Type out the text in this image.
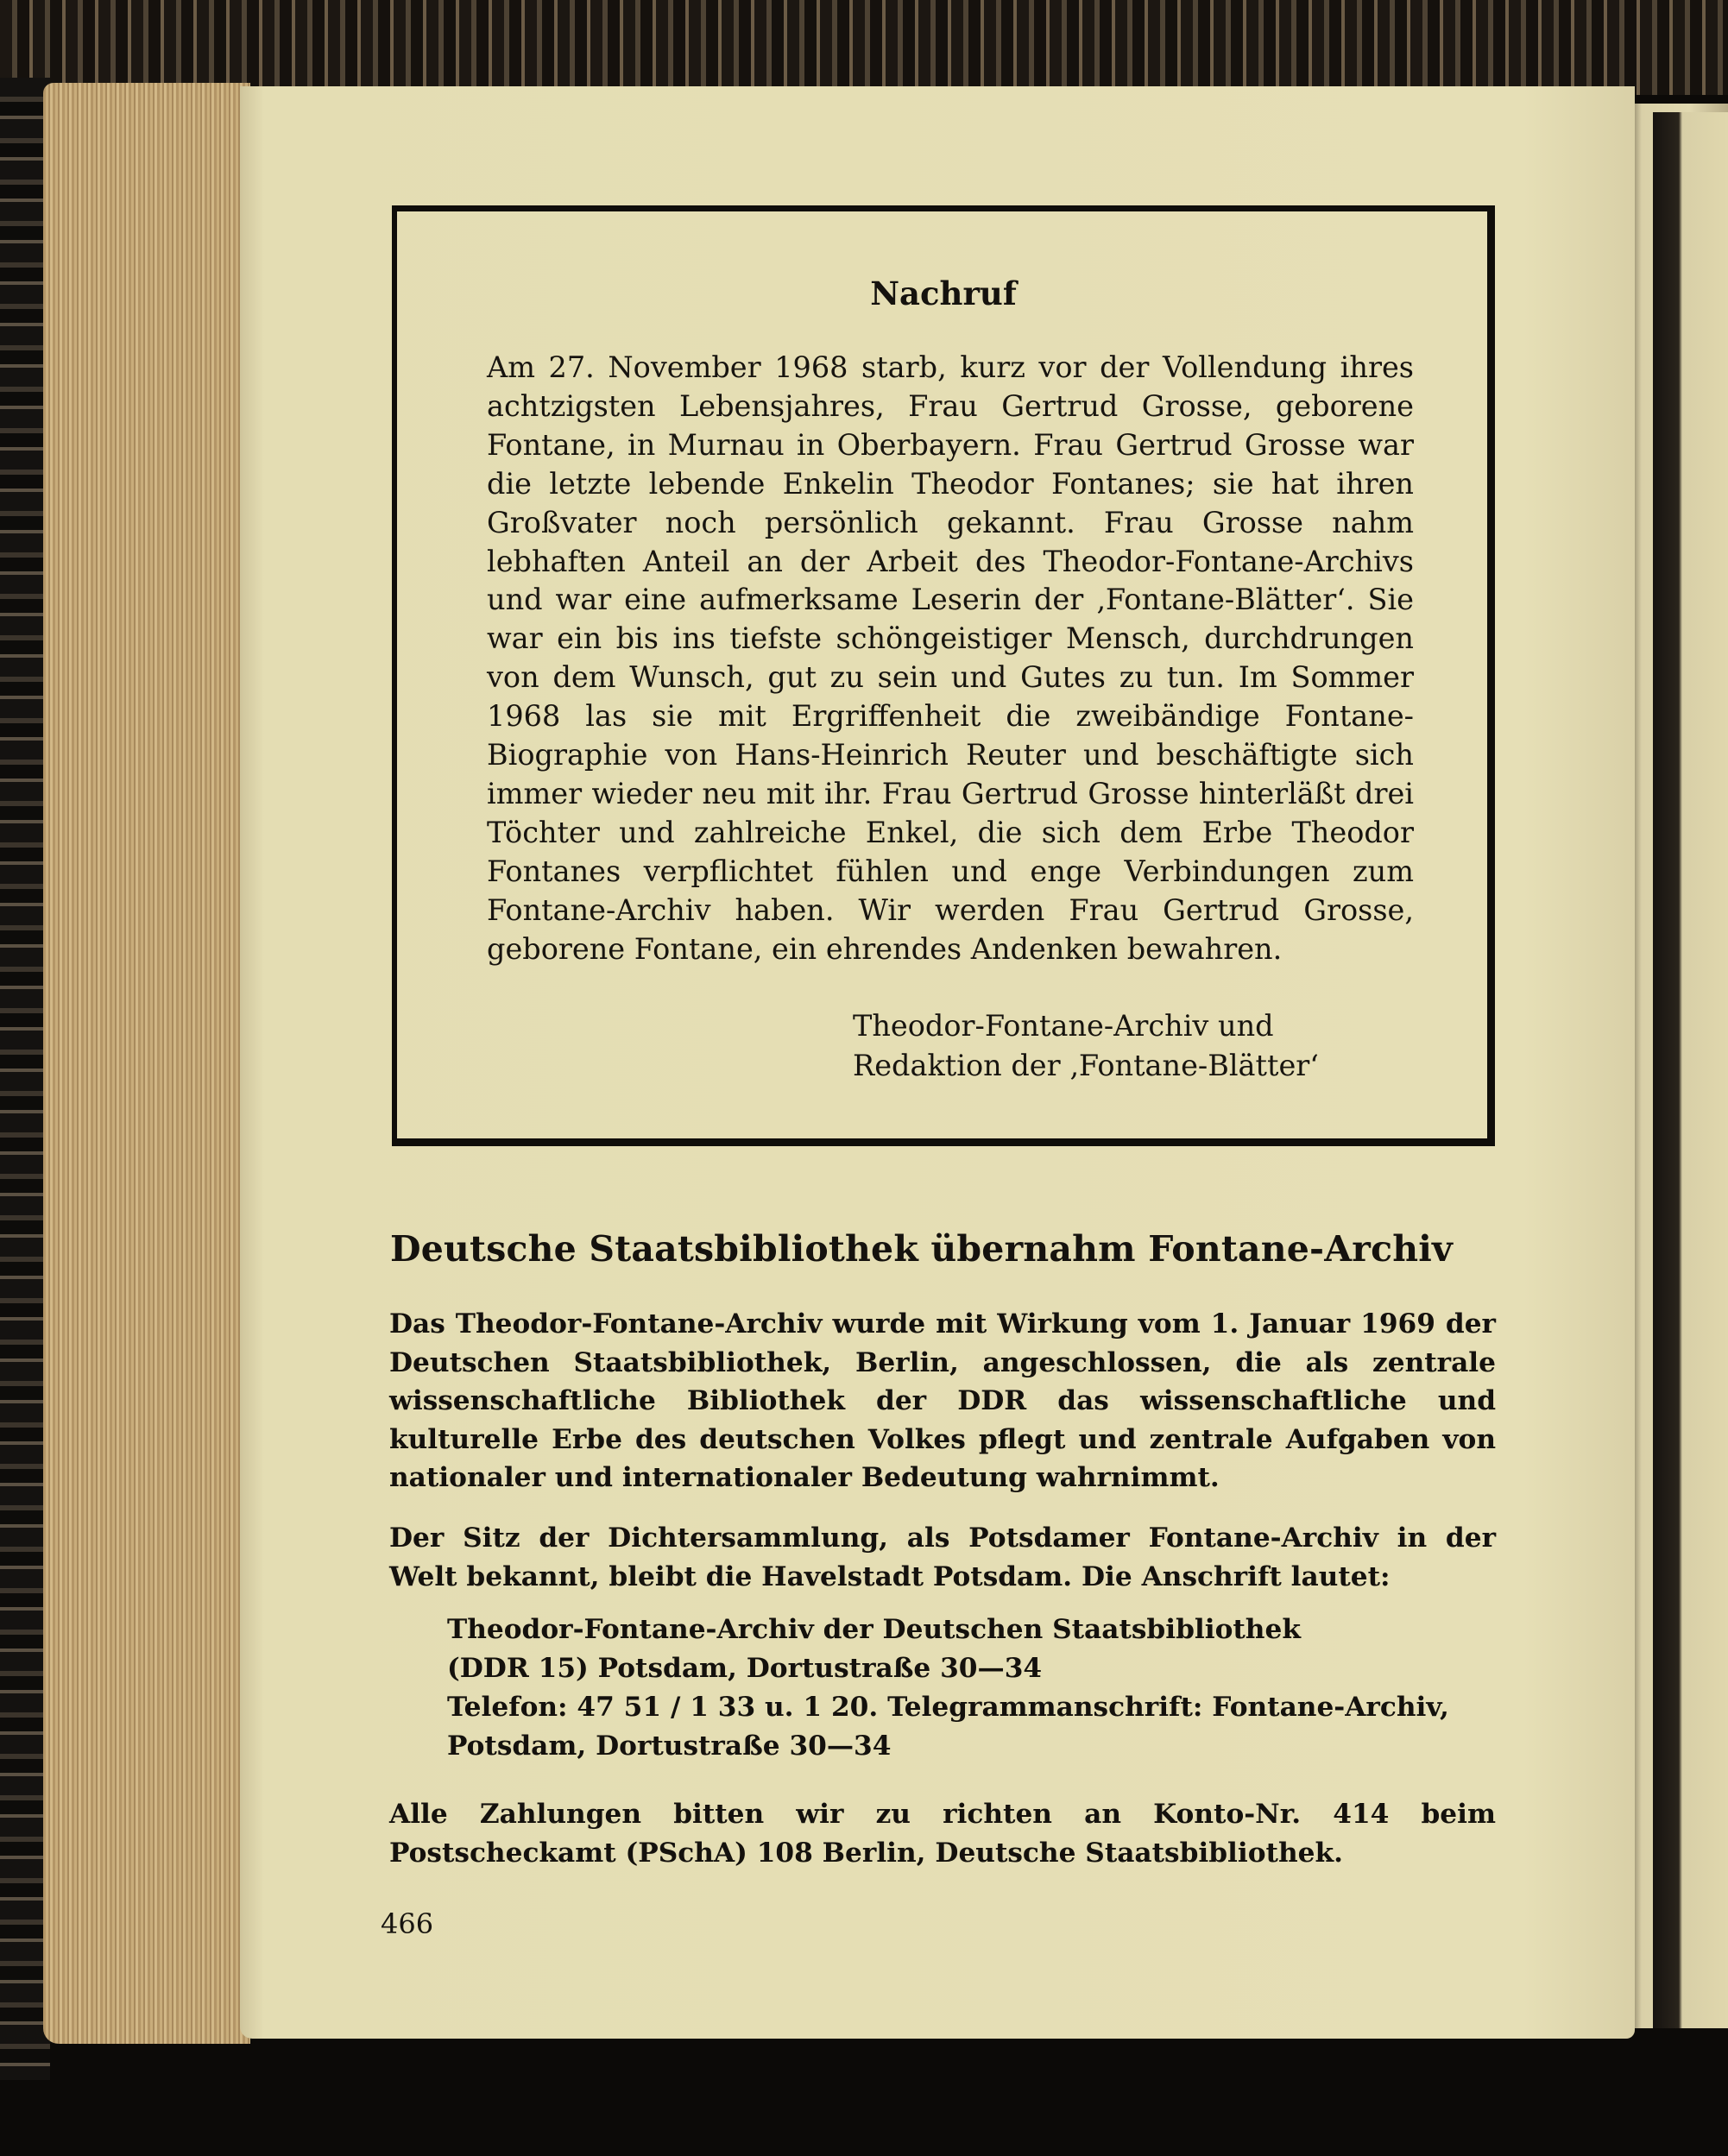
Nachruf

Am 27. November 1968 starb, kurz vor der Vollendung ihres achtzigsten Lebensjahres, Frau Gertrud Grosse, geborene Fontane, in Murnau in Oberbayern. Frau Gertrud Grosse war die letzte lebende Enkelin Theodor Fontanes; sie hat ihren Großvater noch persönlich gekannt. Frau Grosse nahm lebhaften Anteil an der Arbeit des Theodor-Fontane-Archivs und war eine aufmerksame Leserin der ‚Fontane-Blätter‘. Sie war ein bis ins tiefste schöngeistiger Mensch, durchdrungen von dem Wunsch, gut zu sein und Gutes zu tun. Im Sommer 1968 las sie mit Ergriffenheit die zweibändige Fontane-Biographie von Hans-Heinrich Reuter und beschäftigte sich immer wieder neu mit ihr. Frau Gertrud Grosse hinterläßt drei Töchter und zahlreiche Enkel, die sich dem Erbe Theodor Fontanes verpflichtet fühlen und enge Verbindungen zum Fontane-Archiv haben. Wir werden Frau Gertrud Grosse, geborene Fontane, ein ehrendes Andenken bewahren.

Theodor-Fontane-Archiv und
Redaktion der ‚Fontane-Blätter‘
Deutsche Staatsbibliothek übernahm Fontane-Archiv

Das Theodor-Fontane-Archiv wurde mit Wirkung vom 1. Januar 1969 der Deutschen Staatsbibliothek, Berlin, angeschlossen, die als zentrale wissenschaftliche Bibliothek der DDR das wissenschaftliche und kulturelle Erbe des deutschen Volkes pflegt und zentrale Aufgaben von nationaler und internationaler Bedeutung wahrnimmt.

Der Sitz der Dichtersammlung, als Potsdamer Fontane-Archiv in der Welt bekannt, bleibt die Havelstadt Potsdam. Die Anschrift lautet:

Theodor-Fontane-Archiv der Deutschen Staatsbibliothek
(DDR 15) Potsdam, Dortustraße 30—34
Telefon: 47 51 / 1 33 u. 1 20. Telegrammanschrift: Fontane-Archiv,
Potsdam, Dortustraße 30—34

Alle Zahlungen bitten wir zu richten an Konto-Nr. 414 beim Postscheckamt (PSchA) 108 Berlin, Deutsche Staatsbibliothek.

466
